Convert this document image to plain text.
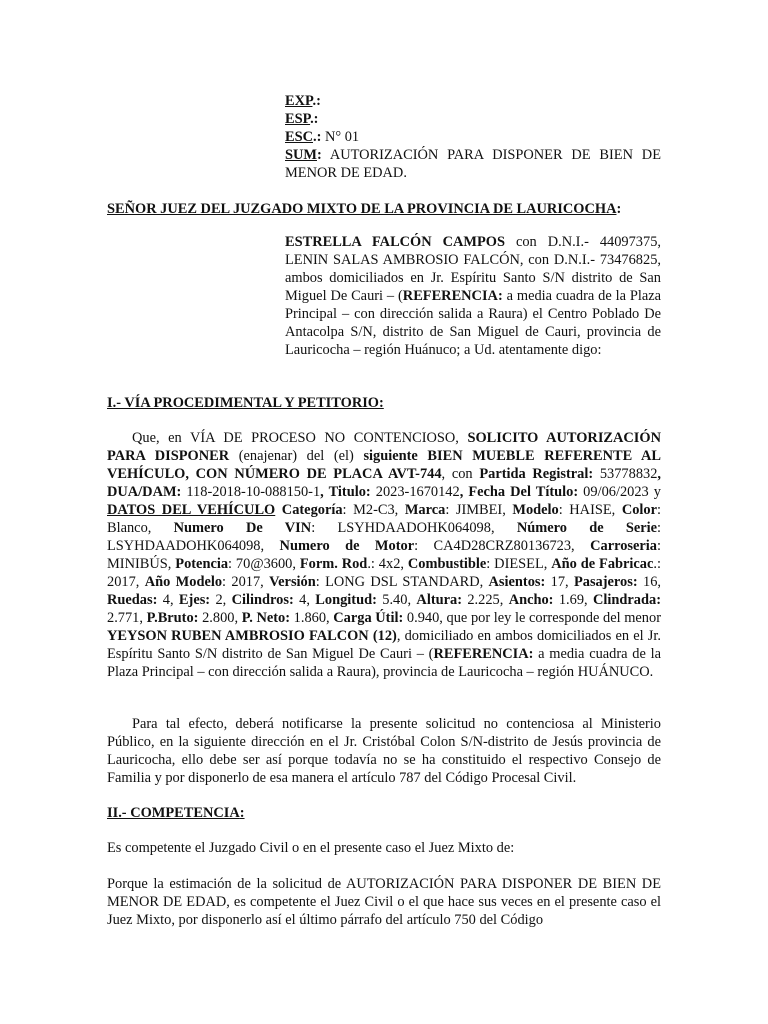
EXP.:
ESP.:
ESC.: N° 01
SUM: AUTORIZACIÓN PARA DISPONER DE BIEN DE MENOR DE EDAD.
SEÑOR JUEZ DEL JUZGADO MIXTO DE LA PROVINCIA DE LAURICOCHA:
ESTRELLA FALCÓN CAMPOS con D.N.I.- 44097375, LENIN SALAS AMBROSIO FALCÓN, con D.N.I.- 73476825, ambos domiciliados en Jr. Espíritu Santo S/N distrito de San Miguel De Cauri – (REFERENCIA: a media cuadra de la Plaza Principal – con dirección salida a Raura) el Centro Poblado De Antacolpa S/N, distrito de San Miguel de Cauri, provincia de Lauricocha – región Huánuco; a Ud. atentamente digo:
I.- VÍA PROCEDIMENTAL Y PETITORIO:
Que, en VÍA DE PROCESO NO CONTENCIOSO, SOLICITO AUTORIZACIÓN PARA DISPONER (enajenar) del (el) siguiente BIEN MUEBLE REFERENTE AL VEHÍCULO, CON NÚMERO DE PLACA AVT-744, con Partida Registral: 53778832, DUA/DAM: 118-2018-10-088150-1, Titulo: 2023-1670142, Fecha Del Título: 09/06/2023 y DATOS DEL VEHÍCULO Categoría: M2-C3, Marca: JIMBEI, Modelo: HAISE, Color: Blanco, Numero De VIN: LSYHDAADOHK064098, Número de Serie: LSYHDAADOHK064098, Numero de Motor: CA4D28CRZ80136723, Carroseria: MINIBÚS, Potencia: 70@3600, Form. Rod.: 4x2, Combustible: DIESEL, Año de Fabricac.: 2017, Año Modelo: 2017, Versión: LONG DSL STANDARD, Asientos: 17, Pasajeros: 16, Ruedas: 4, Ejes: 2, Cilindros: 4, Longitud: 5.40, Altura: 2.225, Ancho: 1.69, Clindrada: 2.771, P.Bruto: 2.800, P. Neto: 1.860, Carga Útil: 0.940, que por ley le corresponde del menor YEYSON RUBEN AMBROSIO FALCON (12), domiciliado en ambos domiciliados en el Jr. Espíritu Santo S/N distrito de San Miguel De Cauri – (REFERENCIA: a media cuadra de la Plaza Principal – con dirección salida a Raura), provincia de Lauricocha – región HUÁNUCO.
Para tal efecto, deberá notificarse la presente solicitud no contenciosa al Ministerio Público, en la siguiente dirección en el Jr. Cristóbal Colon S/N-distrito de Jesús provincia de Lauricocha, ello debe ser así porque todavía no se ha constituido el respectivo Consejo de Familia y por disponerlo de esa manera el artículo 787 del Código Procesal Civil.
II.- COMPETENCIA:
Es competente el Juzgado Civil o en el presente caso el Juez Mixto de:
Porque la estimación de la solicitud de AUTORIZACIÓN PARA DISPONER DE BIEN DE MENOR DE EDAD, es competente el Juez Civil o el que hace sus veces en el presente caso el Juez Mixto, por disponerlo así el último párrafo del artículo 750 del Código
